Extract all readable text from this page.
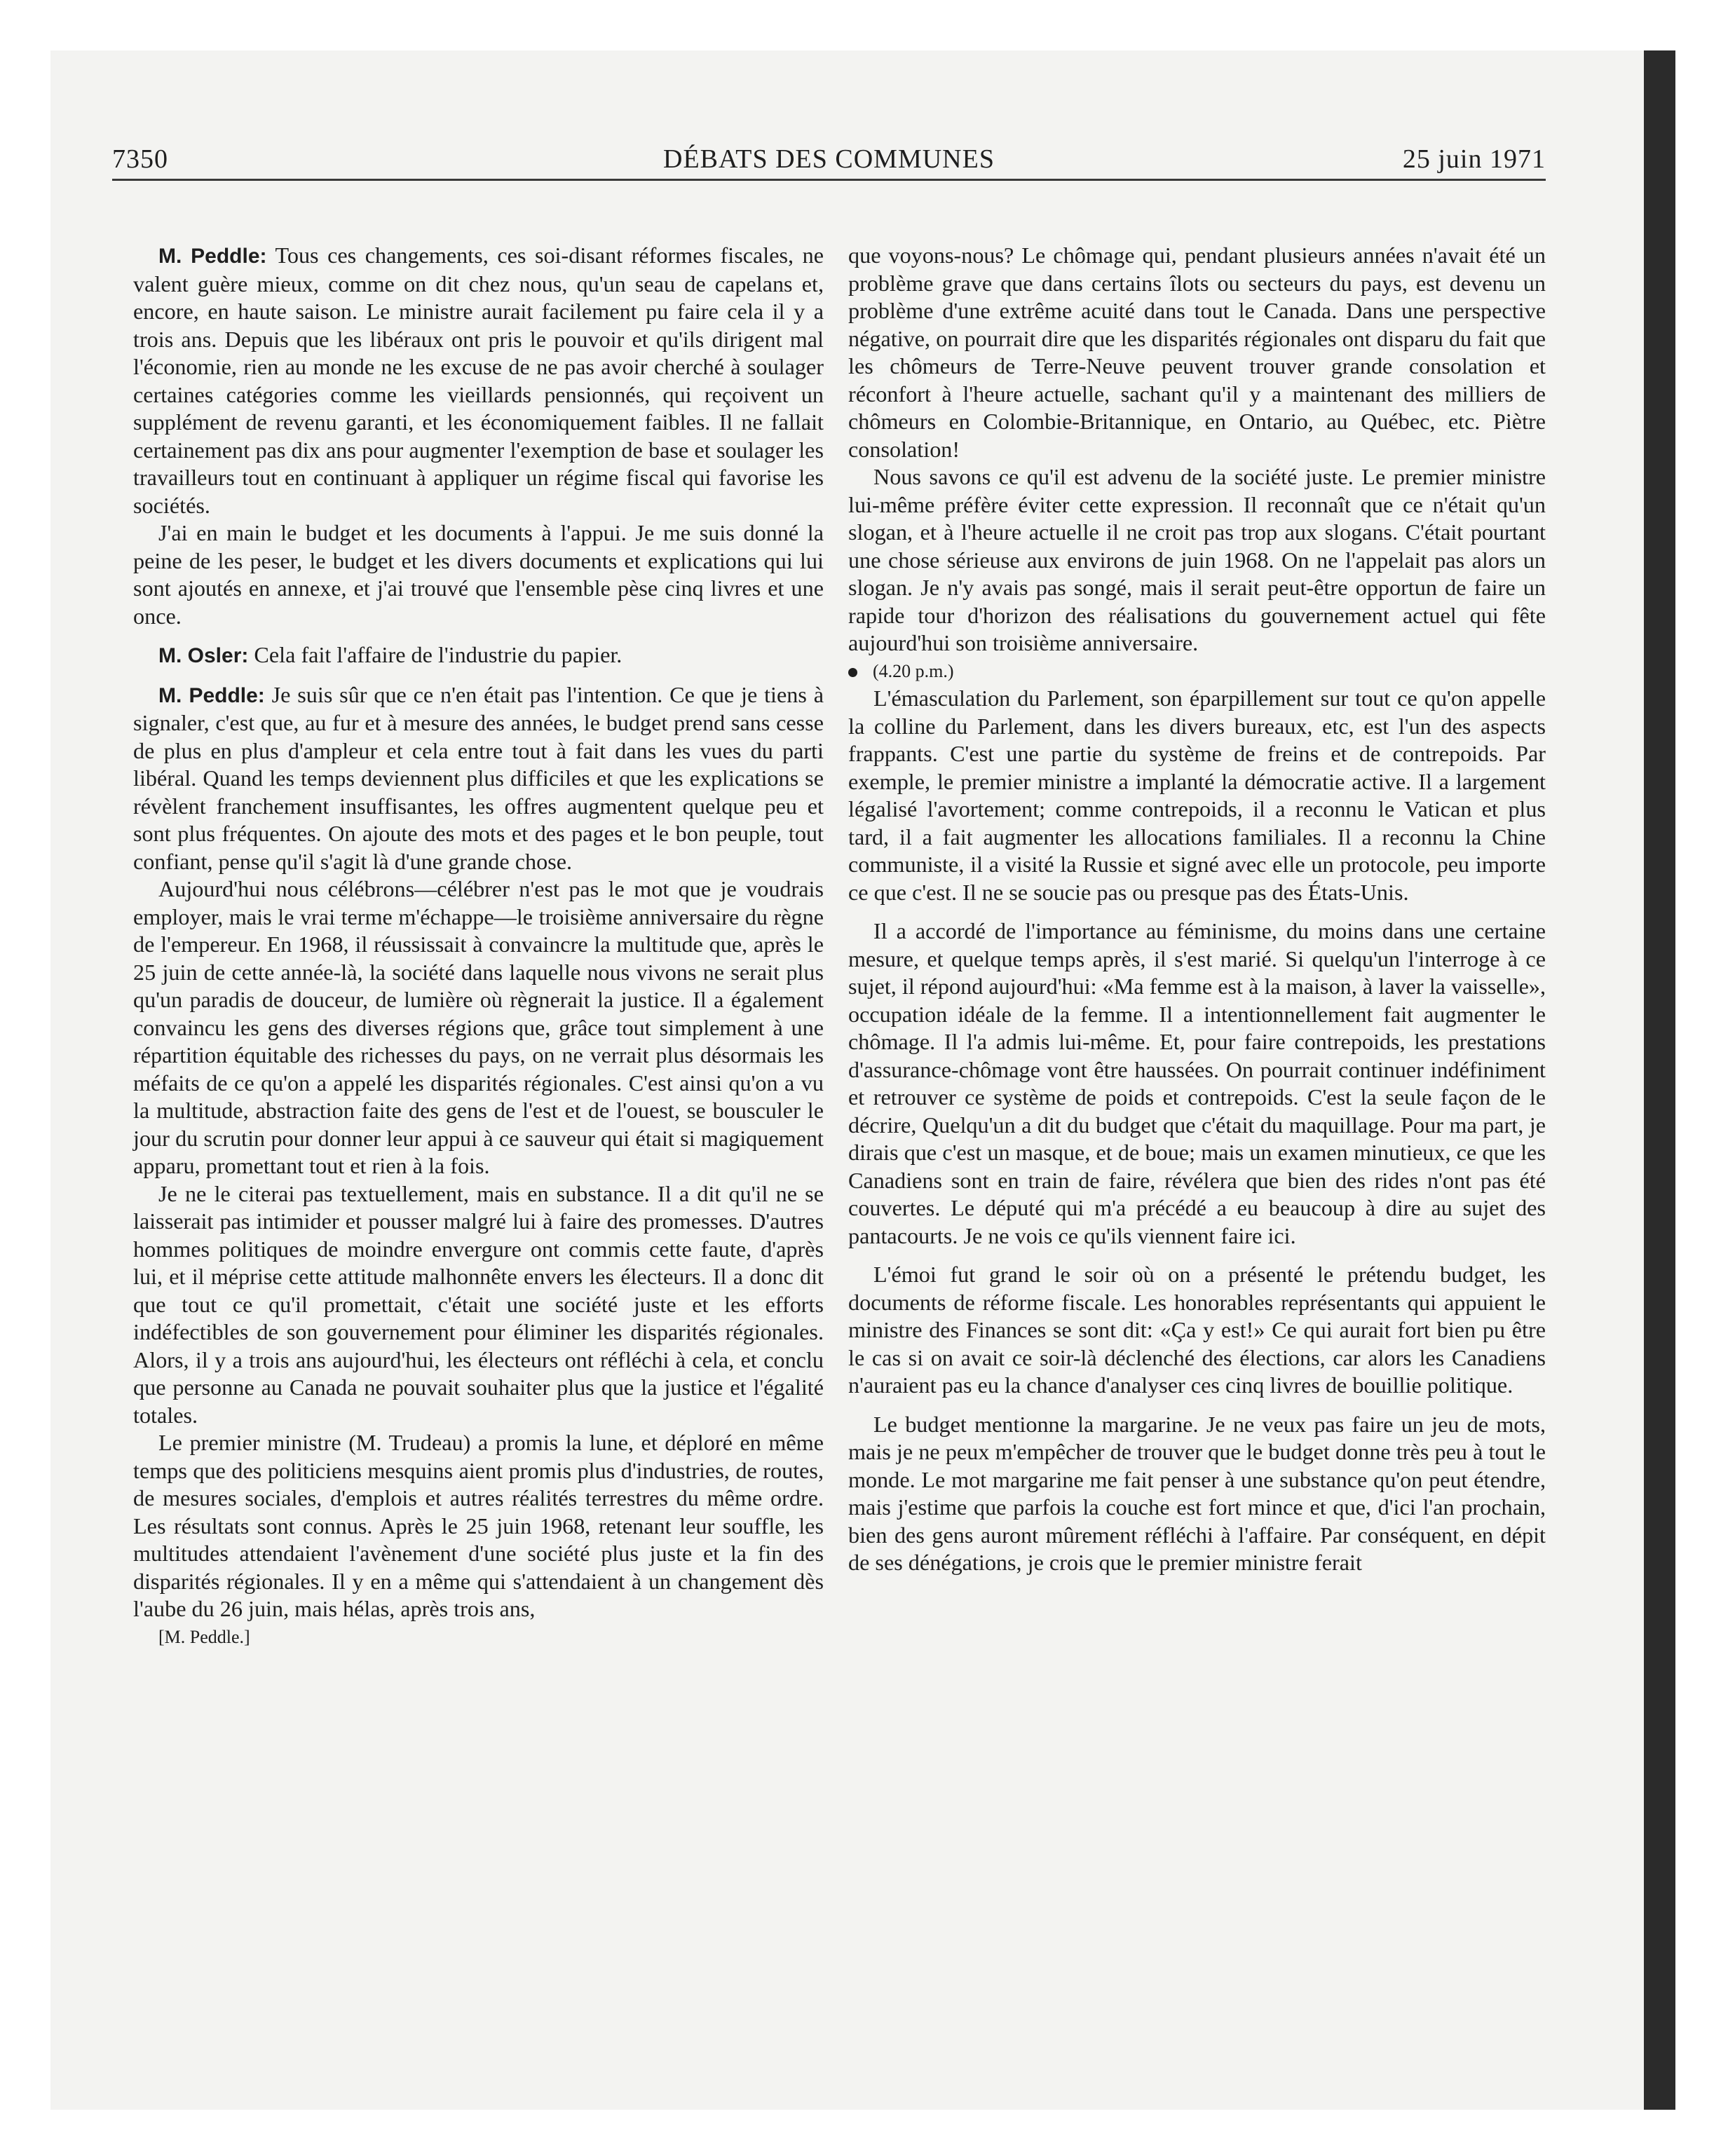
7350	DÉBATS DES COMMUNES	25 juin 1971

M. Peddle: Tous ces changements, ces soi-disant réformes fiscales, ne valent guère mieux, comme on dit chez nous, qu'un seau de capelans et, encore, en haute saison. Le ministre aurait facilement pu faire cela il y a trois ans. Depuis que les libéraux ont pris le pouvoir et qu'ils dirigent mal l'économie, rien au monde ne les excuse de ne pas avoir cherché à soulager certaines catégories comme les vieillards pensionnés, qui reçoivent un supplément de revenu garanti, et les économiquement faibles. Il ne fallait certainement pas dix ans pour augmenter l'exemption de base et soulager les travailleurs tout en continuant à appliquer un régime fiscal qui favorise les sociétés.

J'ai en main le budget et les documents à l'appui. Je me suis donné la peine de les peser, le budget et les divers documents et explications qui lui sont ajoutés en annexe, et j'ai trouvé que l'ensemble pèse cinq livres et une once.

M. Osler: Cela fait l'affaire de l'industrie du papier.

M. Peddle: Je suis sûr que ce n'en était pas l'intention. Ce que je tiens à signaler, c'est que, au fur et à mesure des années, le budget prend sans cesse de plus en plus d'ampleur et cela entre tout à fait dans les vues du parti libéral. Quand les temps deviennent plus difficiles et que les explications se révèlent franchement insuffisantes, les offres augmentent quelque peu et sont plus fréquentes. On ajoute des mots et des pages et le bon peuple, tout confiant, pense qu'il s'agit là d'une grande chose.

Aujourd'hui nous célébrons—célébrer n'est pas le mot que je voudrais employer, mais le vrai terme m'échappe—le troisième anniversaire du règne de l'empereur. En 1968, il réussissait à convaincre la multitude que, après le 25 juin de cette année-là, la société dans laquelle nous vivons ne serait plus qu'un paradis de douceur, de lumière où règnerait la justice. Il a également convaincu les gens des diverses régions que, grâce tout simplement à une répartition équitable des richesses du pays, on ne verrait plus désormais les méfaits de ce qu'on a appelé les disparités régionales. C'est ainsi qu'on a vu la multitude, abstraction faite des gens de l'est et de l'ouest, se bousculer le jour du scrutin pour donner leur appui à ce sauveur qui était si magiquement apparu, promettant tout et rien à la fois.

Je ne le citerai pas textuellement, mais en substance. Il a dit qu'il ne se laisserait pas intimider et pousser malgré lui à faire des promesses. D'autres hommes politiques de moindre envergure ont commis cette faute, d'après lui, et il méprise cette attitude malhonnête envers les électeurs. Il a donc dit que tout ce qu'il promettait, c'était une société juste et les efforts indéfectibles de son gouvernement pour éliminer les disparités régionales. Alors, il y a trois ans aujourd'hui, les électeurs ont réfléchi à cela, et conclu que personne au Canada ne pouvait souhaiter plus que la justice et l'égalité totales.

Le premier ministre (M. Trudeau) a promis la lune, et déploré en même temps que des politiciens mesquins aient promis plus d'industries, de routes, de mesures sociales, d'emplois et autres réalités terrestres du même ordre. Les résultats sont connus. Après le 25 juin 1968, retenant leur souffle, les multitudes attendaient l'avènement d'une société plus juste et la fin des disparités régionales. Il y en a même qui s'attendaient à un changement dès l'aube du 26 juin, mais hélas, après trois ans,

[M. Peddle.]

que voyons-nous? Le chômage qui, pendant plusieurs années n'avait été un problème grave que dans certains îlots ou secteurs du pays, est devenu un problème d'une extrême acuité dans tout le Canada. Dans une perspective négative, on pourrait dire que les disparités régionales ont disparu du fait que les chômeurs de Terre-Neuve peuvent trouver grande consolation et réconfort à l'heure actuelle, sachant qu'il y a maintenant des milliers de chômeurs en Colombie-Britannique, en Ontario, au Québec, etc. Piètre consolation!

Nous savons ce qu'il est advenu de la société juste. Le premier ministre lui-même préfère éviter cette expression. Il reconnaît que ce n'était qu'un slogan, et à l'heure actuelle il ne croit pas trop aux slogans. C'était pourtant une chose sérieuse aux environs de juin 1968. On ne l'appelait pas alors un slogan. Je n'y avais pas songé, mais il serait peut-être opportun de faire un rapide tour d'horizon des réalisations du gouvernement actuel qui fête aujourd'hui son troisième anniversaire.

(4.20 p.m.)

L'émasculation du Parlement, son éparpillement sur tout ce qu'on appelle la colline du Parlement, dans les divers bureaux, etc, est l'un des aspects frappants. C'est une partie du système de freins et de contrepoids. Par exemple, le premier ministre a implanté la démocratie active. Il a largement légalisé l'avortement; comme contrepoids, il a reconnu le Vatican et plus tard, il a fait augmenter les allocations familiales. Il a reconnu la Chine communiste, il a visité la Russie et signé avec elle un protocole, peu importe ce que c'est. Il ne se soucie pas ou presque pas des États-Unis.

Il a accordé de l'importance au féminisme, du moins dans une certaine mesure, et quelque temps après, il s'est marié. Si quelqu'un l'interroge à ce sujet, il répond aujourd'hui: «Ma femme est à la maison, à laver la vaisselle», occupation idéale de la femme. Il a intentionnellement fait augmenter le chômage. Il l'a admis lui-même. Et, pour faire contrepoids, les prestations d'assurance-chômage vont être haussées. On pourrait continuer indéfiniment et retrouver ce système de poids et contrepoids. C'est la seule façon de le décrire, Quelqu'un a dit du budget que c'était du maquillage. Pour ma part, je dirais que c'est un masque, et de boue; mais un examen minutieux, ce que les Canadiens sont en train de faire, révélera que bien des rides n'ont pas été couvertes. Le député qui m'a précédé a eu beaucoup à dire au sujet des pantacourts. Je ne vois ce qu'ils viennent faire ici.

L'émoi fut grand le soir où on a présenté le prétendu budget, les documents de réforme fiscale. Les honorables représentants qui appuient le ministre des Finances se sont dit: «Ça y est!» Ce qui aurait fort bien pu être le cas si on avait ce soir-là déclenché des élections, car alors les Canadiens n'auraient pas eu la chance d'analyser ces cinq livres de bouillie politique.

Le budget mentionne la margarine. Je ne veux pas faire un jeu de mots, mais je ne peux m'empêcher de trouver que le budget donne très peu à tout le monde. Le mot margarine me fait penser à une substance qu'on peut étendre, mais j'estime que parfois la couche est fort mince et que, d'ici l'an prochain, bien des gens auront mûrement réfléchi à l'affaire. Par conséquent, en dépit de ses dénégations, je crois que le premier ministre ferait
